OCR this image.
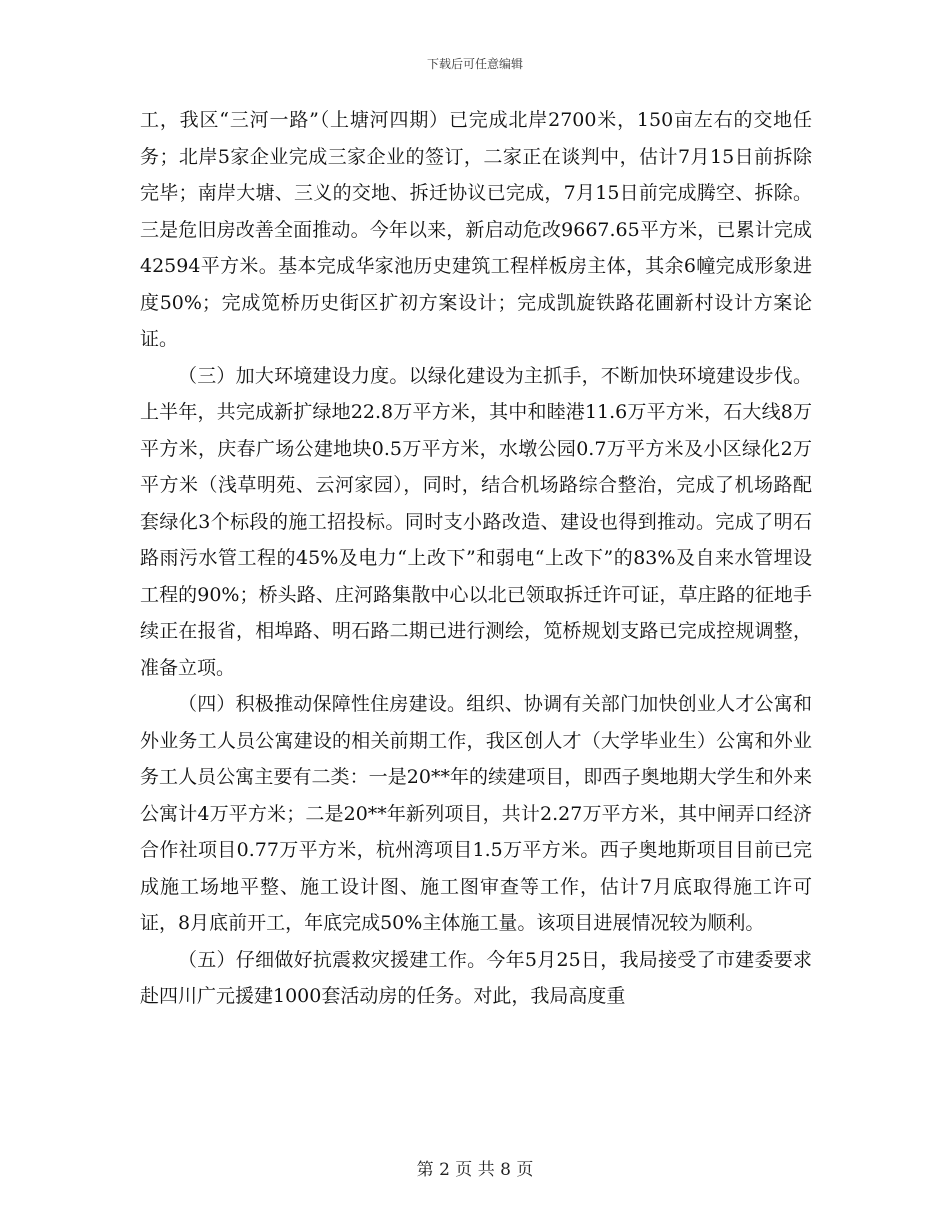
下载后可任意编辑

工，我区“三河一路”（上塘河四期）已完成北岸2700米，150亩左右的交地任务；北岸5家企业完成三家企业的签订，二家正在谈判中，估计7月15日前拆除完毕；南岸大塘、三义的交地、拆迁协议已完成，7月15日前完成腾空、拆除。三是危旧房改善全面推动。今年以来，新启动危改9667.65平方米，已累计完成42594平方米。基本完成华家池历史建筑工程样板房主体，其余6幢完成形象进度50%；完成笕桥历史街区扩初方案设计；完成凯旋铁路花圃新村设计方案论证。

（三）加大环境建设力度。以绿化建设为主抓手，不断加快环境建设步伐。上半年，共完成新扩绿地22.8万平方米，其中和睦港11.6万平方米，石大线8万平方米，庆春广场公建地块0.5万平方米，水墩公园0.7万平方米及小区绿化2万平方米（浅草明苑、云河家园），同时，结合机场路综合整治，完成了机场路配套绿化3个标段的施工招投标。同时支小路改造、建设也得到推动。完成了明石路雨污水管工程的45%及电力“上改下”和弱电“上改下”的83%及自来水管埋设工程的90%；桥头路、庄河路集散中心以北已领取拆迁许可证，草庄路的征地手续正在报省，相埠路、明石路二期已进行测绘，笕桥规划支路已完成控规调整，准备立项。

（四）积极推动保障性住房建设。组织、协调有关部门加快创业人才公寓和外业务工人员公寓建设的相关前期工作，我区创人才（大学毕业生）公寓和外业务工人员公寓主要有二类：一是20**年的续建项目，即西子奥地期大学生和外来公寓计4万平方米；二是20**年新列项目，共计2.27万平方米，其中闸弄口经济合作社项目0.77万平方米，杭州湾项目1.5万平方米。西子奥地斯项目目前已完成施工场地平整、施工设计图、施工图审查等工作，估计7月底取得施工许可证，8月底前开工，年底完成50%主体施工量。该项目进展情况较为顺利。

（五）仔细做好抗震救灾援建工作。今年5月25日，我局接受了市建委要求赴四川广元援建1000套活动房的任务。对此，我局高度重

第 2 页 共 8 页
